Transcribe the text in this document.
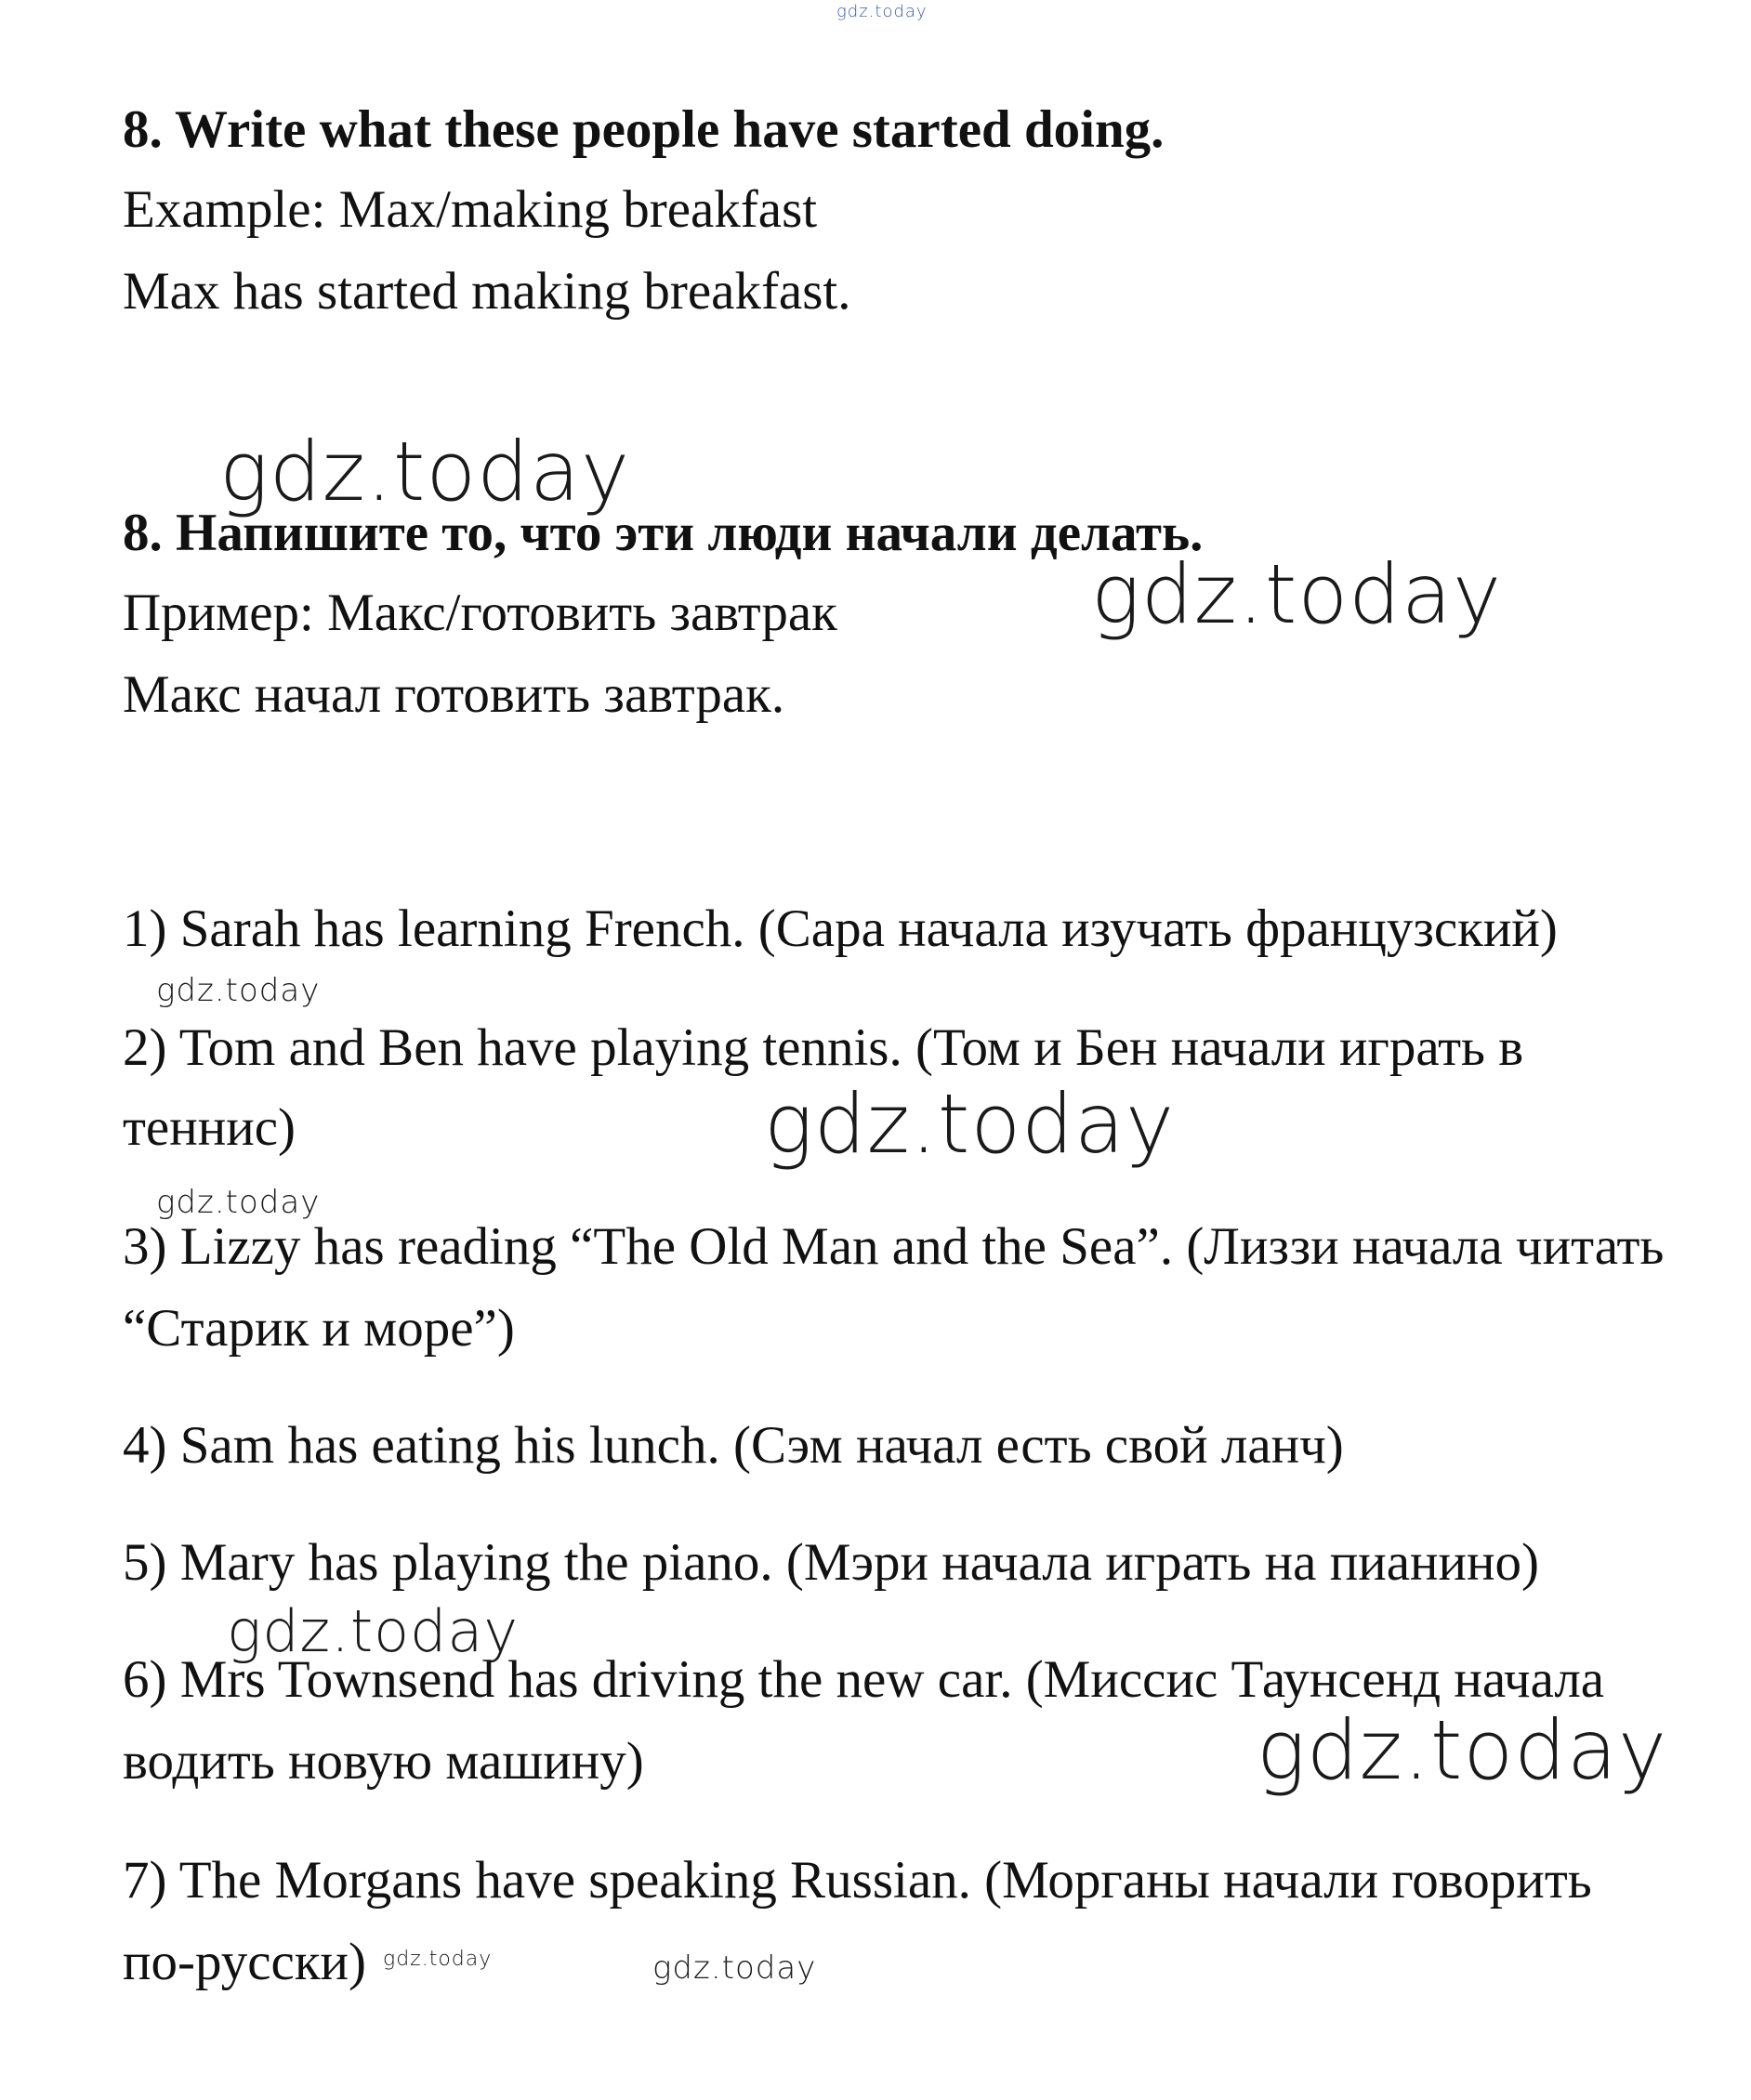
gdz.today
8. Write what these people have started doing.

Example: Max/making breakfast

Max has started making breakfast.

gdz.today
8. Напишите то, что эти люди начали делать.
gdz.today

Пример: Макс/готовить завтрак

Макс начал готовить завтрак.

1) Sarah has learning French. (Сара начала изучать французский)

gdz.today

2) Tom and Ben have playing tennis. (Том и Бен начали играть в

теннис)	gdz.today
gdz.today

3) Lizzy has reading “The Old Man and the Sea”. (Лиззи начала читать

“Старик и море”)

4) Sam has eating his lunch. (Сэм начал есть свой ланч)

5) Mary has playing the piano. (Мэри начала играть на пианино)

gdz.today

6) Mrs Townsend has driving the new car. (Миссис Таунсенд начала

водить новую машину)	gdz.today

7) The Morgans have speaking Russian. (Морганы начали говорить

по-русски) gdz.today	gdz.today
